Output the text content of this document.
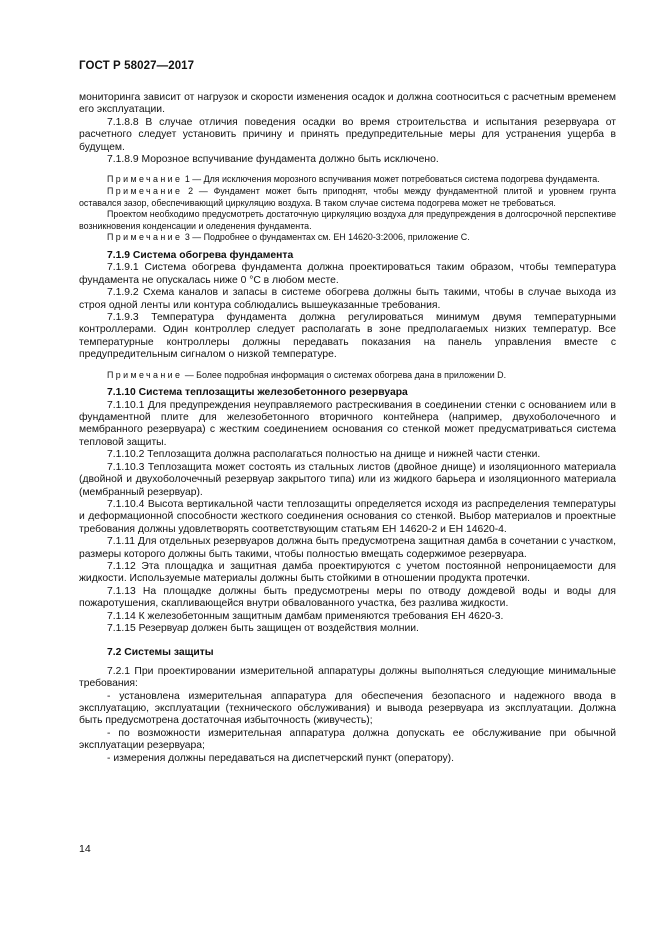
ГОСТ Р 58027—2017

мониторинга зависит от нагрузок и скорости изменения осадок и должна соотноситься с расчетным временем его эксплуатации.

7.1.8.8 В случае отличия поведения осадки во время строительства и испытания резервуара от расчетного следует установить причину и принять предупредительные меры для устранения ущерба в будущем.

7.1.8.9 Морозное вспучивание фундамента должно быть исключено.

Примечание 1 — Для исключения морозного вспучивания может потребоваться система подогрева фундамента.

Примечание 2 — Фундамент может быть приподнят, чтобы между фундаментной плитой и уровнем грунта оставался зазор, обеспечивающий циркуляцию воздуха. В таком случае система подогрева может не требоваться.

Проектом необходимо предусмотреть достаточную циркуляцию воздуха для предупреждения в долгосрочной перспективе возникновения конденсации и оледенения фундамента.

Примечание 3 — Подробнее о фундаментах см. ЕН 14620-3:2006, приложение С.

7.1.9 Система обогрева фундамента

7.1.9.1 Система обогрева фундамента должна проектироваться таким образом, чтобы температура фундамента не опускалась ниже 0 °С в любом месте.

7.1.9.2 Схема каналов и запасы в системе обогрева должны быть такими, чтобы в случае выхода из строя одной ленты или контура соблюдались вышеуказанные требования.

7.1.9.3 Температура фундамента должна регулироваться минимум двумя температурными контроллерами. Один контроллер следует располагать в зоне предполагаемых низких температур. Все температурные контроллеры должны передавать показания на панель управления вместе с предупредительным сигналом о низкой температуре.

Примечание — Более подробная информация о системах обогрева дана в приложении D.

7.1.10 Система теплозащиты железобетонного резервуара

7.1.10.1 Для предупреждения неуправляемого растрескивания в соединении стенки с основанием или в фундаментной плите для железобетонного вторичного контейнера (например, двухоболочечного и мембранного резервуара) с жестким соединением основания со стенкой может предусматриваться система тепловой защиты.

7.1.10.2 Теплозащита должна располагаться полностью на днище и нижней части стенки.

7.1.10.3 Теплозащита может состоять из стальных листов (двойное днище) и изоляционного материала (двойной и двухоболочечный резервуар закрытого типа) или из жидкого барьера и изоляционного материала (мембранный резервуар).

7.1.10.4 Высота вертикальной части теплозащиты определяется исходя из распределения температуры и деформационной способности жесткого соединения основания со стенкой. Выбор материалов и проектные требования должны удовлетворять соответствующим статьям ЕН 14620-2 и ЕН 14620-4.

7.1.11 Для отдельных резервуаров должна быть предусмотрена защитная дамба в сочетании с участком, размеры которого должны быть такими, чтобы полностью вмещать содержимое резервуара.

7.1.12 Эта площадка и защитная дамба проектируются с учетом постоянной непроницаемости для жидкости. Используемые материалы должны быть стойкими в отношении продукта протечки.

7.1.13 На площадке должны быть предусмотрены меры по отводу дождевой воды и воды для пожаротушения, скапливающейся внутри обвалованного участка, без разлива жидкости.

7.1.14 К железобетонным защитным дамбам применяются требования ЕН 4620-3.

7.1.15 Резервуар должен быть защищен от воздействия молнии.

7.2 Системы защиты

7.2.1 При проектировании измерительной аппаратуры должны выполняться следующие минимальные требования:

- установлена измерительная аппаратура для обеспечения безопасного и надежного ввода в эксплуатацию, эксплуатации (технического обслуживания) и вывода резервуара из эксплуатации. Должна быть предусмотрена достаточная избыточность (живучесть);

- по возможности измерительная аппаратура должна допускать ее обслуживание при обычной эксплуатации резервуара;

- измерения должны передаваться на диспетчерский пункт (оператору).

14
